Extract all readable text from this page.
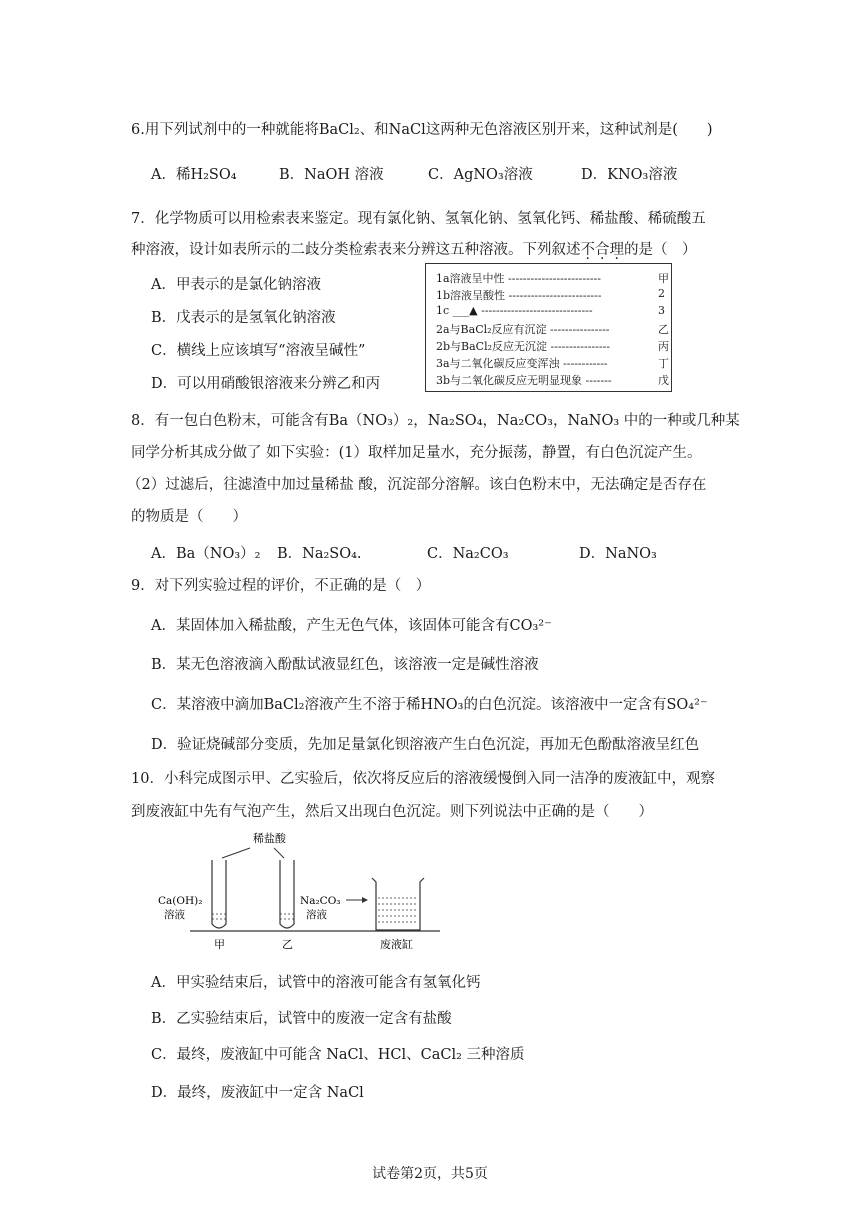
6.用下列试剂中的一种就能将BaCl₂、和NaCl这两种无色溶液区别开来，这种试剂是(　　)
A．稀H₂SO₄	B．NaOH 溶液	C．AgNO₃溶液	D．KNO₃溶液
7．化学物质可以用检索表来鉴定。现有氯化钠、氢氧化钠、氢氧化钙、稀盐酸、稀硫酸五
种溶液，设计如表所示的二歧分类检索表来分辨这五种溶液。下列叙述不合理的是（　）
A．甲表示的是氯化钠溶液
B．戊表示的是氢氧化钠溶液
C．横线上应该填写“溶液呈碱性”
D．可以用硝酸银溶液来分辨乙和丙
1a溶液呈中性 -------------------------	甲
1b溶液呈酸性 -------------------------	2
1c ___▲ ------------------------------	3
2a与BaCl₂反应有沉淀 ----------------	乙
2b与BaCl₂反应无沉淀 ----------------	丙
3a与二氧化碳反应变浑浊 ------------	丁
3b与二氧化碳反应无明显现象 -------	戊
8．有一包白色粉末，可能含有Ba（NO₃）₂，Na₂SO₄，Na₂CO₃，NaNO₃ 中的一种或几种某
同学分析其成分做了 如下实验：(1）取样加足量水，充分振荡，静置，有白色沉淀产生。
（2）过滤后，往滤渣中加过量稀盐 酸，沉淀部分溶解。该白色粉末中，无法确定是否存在
的物质是（　　）
A．Ba（NO₃）₂ B．Na₂SO₄.	C．Na₂CO₃	D．NaNO₃
9．对下列实验过程的评价，不正确的是（　）
A．某固体加入稀盐酸，产生无色气体，该固体可能含有CO₃²⁻
B．某无色溶液滴入酚酞试液显红色，该溶液一定是碱性溶液
C．某溶液中滴加BaCl₂溶液产生不溶于稀HNO₃的白色沉淀。该溶液中一定含有SO₄²⁻
D．验证烧碱部分变质，先加足量氯化钡溶液产生白色沉淀，再加无色酚酞溶液呈红色
10．小科完成图示甲、乙实验后，依次将反应后的溶液缓慢倒入同一洁净的废液缸中，观察
到废液缸中先有气泡产生，然后又出现白色沉淀。则下列说法中正确的是（　　）
稀盐酸
Ca(OH)₂
溶液
Na₂CO₃
溶液
甲	乙	废液缸
A．甲实验结束后，试管中的溶液可能含有氢氧化钙
B．乙实验结束后，试管中的废液一定含有盐酸
C．最终，废液缸中可能含 NaCl、HCl、CaCl₂ 三种溶质
D．最终，废液缸中一定含 NaCl
试卷第2页，共5页
